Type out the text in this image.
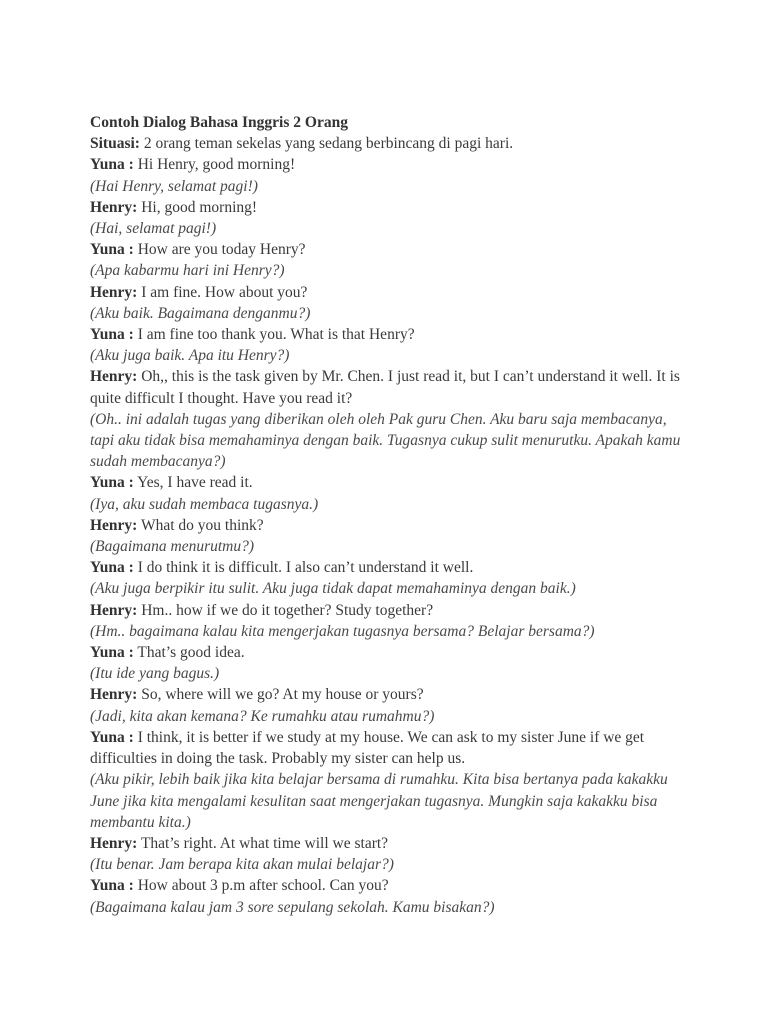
Contoh Dialog Bahasa Inggris 2 Orang

Situasi: 2 orang teman sekelas yang sedang berbincang di pagi hari.

Yuna : Hi Henry, good morning!

(Hai Henry, selamat pagi!)

Henry: Hi, good morning!

(Hai, selamat pagi!)

Yuna : How are you today Henry?

(Apa kabarmu hari ini Henry?)

Henry: I am fine. How about you?

(Aku baik. Bagaimana denganmu?)

Yuna : I am fine too thank you. What is that Henry?

(Aku juga baik. Apa itu Henry?)

Henry: Oh,, this is the task given by Mr. Chen. I just read it, but I can’t understand it well. It is quite difficult I thought. Have you read it?

(Oh.. ini adalah tugas yang diberikan oleh oleh Pak guru Chen. Aku baru saja membacanya, tapi aku tidak bisa memahaminya dengan baik. Tugasnya cukup sulit menurutku. Apakah kamu sudah membacanya?)

Yuna : Yes, I have read it.

(Iya, aku sudah membaca tugasnya.)

Henry: What do you think?

(Bagaimana menurutmu?)

Yuna : I do think it is difficult. I also can’t understand it well.

(Aku juga berpikir itu sulit. Aku juga tidak dapat memahaminya dengan baik.)

Henry: Hm.. how if we do it together? Study together?

(Hm.. bagaimana kalau kita mengerjakan tugasnya bersama? Belajar bersama?)

Yuna : That’s good idea.

(Itu ide yang bagus.)

Henry: So, where will we go? At my house or yours?

(Jadi, kita akan kemana? Ke rumahku atau rumahmu?)

Yuna : I think, it is better if we study at my house. We can ask to my sister June if we get difficulties in doing the task. Probably my sister can help us.

(Aku pikir, lebih baik jika kita belajar bersama di rumahku. Kita bisa bertanya pada kakakku June jika kita mengalami kesulitan saat mengerjakan tugasnya. Mungkin saja kakakku bisa membantu kita.)

Henry: That’s right. At what time will we start?

(Itu benar. Jam berapa kita akan mulai belajar?)

Yuna : How about 3 p.m after school. Can you?

(Bagaimana kalau jam 3 sore sepulang sekolah. Kamu bisakan?)
